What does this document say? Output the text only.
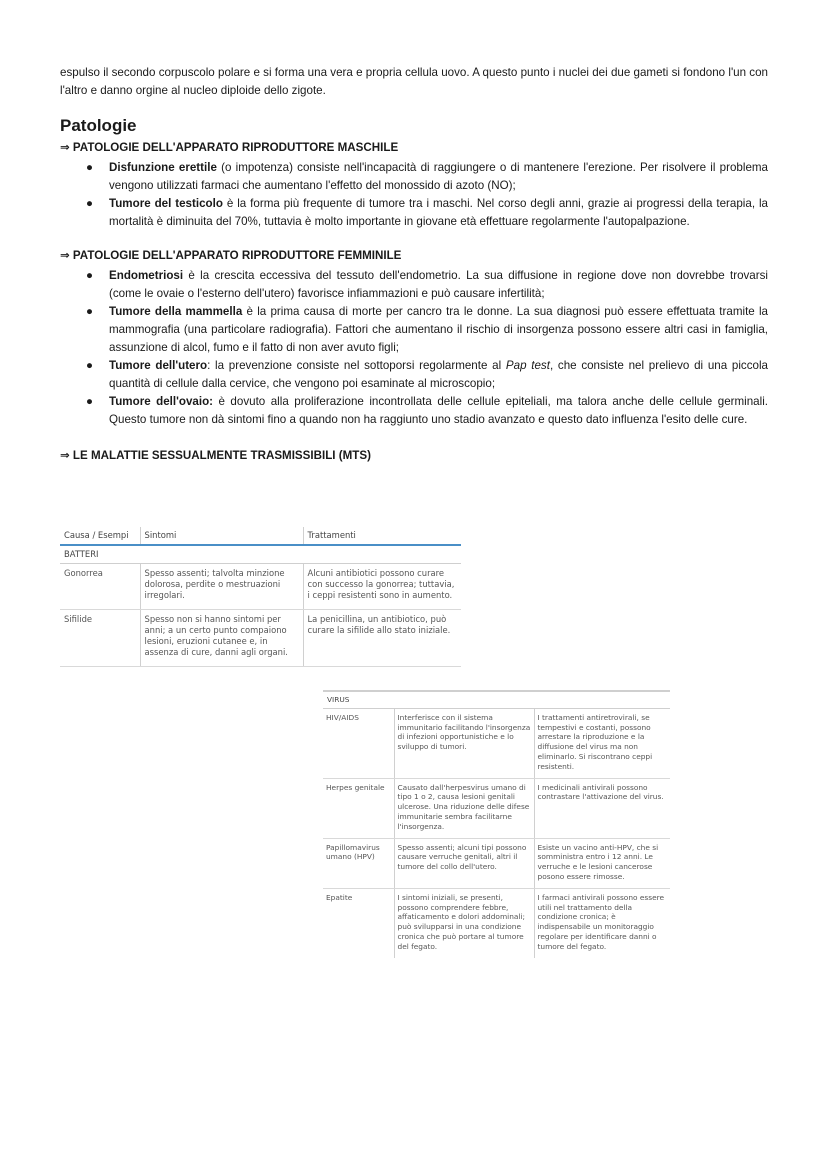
espulso il secondo corpuscolo polare e si forma una vera e propria cellula uovo. A questo punto i nuclei dei due gameti si fondono l'un con l'altro e danno orgine al nucleo diploide dello zigote.

Patologie
⇒ PATOLOGIE DELL'APPARATO RIPRODUTTORE MASCHILE
● Disfunzione erettile (o impotenza) consiste nell'incapacità di raggiungere o di mantenere l'erezione. Per risolvere il problema vengono utilizzati farmaci che aumentano l'effetto del monossido di azoto (NO);
● Tumore del testicolo è la forma più frequente di tumore tra i maschi. Nel corso degli anni, grazie ai progressi della terapia, la mortalità è diminuita del 70%, tuttavia è molto importante in giovane età effettuare regolarmente l'autopalpazione.
⇒ PATOLOGIE DELL'APPARATO RIPRODUTTORE FEMMINILE
● Endometriosi è la crescita eccessiva del tessuto dell'endometrio. La sua diffusione in regione dove non dovrebbe trovarsi (come le ovaie o l'esterno dell'utero) favorisce infiammazioni e può causare infertilità;
● Tumore della mammella è la prima causa di morte per cancro tra le donne. La sua diagnosi può essere effettuata tramite la mammografia (una particolare radiografia). Fattori che aumentano il rischio di insorgenza possono essere altri casi in famiglia, assunzione di alcol, fumo e il fatto di non aver avuto figli;
● Tumore dell'utero: la prevenzione consiste nel sottoporsi regolarmente al Pap test, che consiste nel prelievo di una piccola quantità di cellule dalla cervice, che vengono poi esaminate al microscopio;
● Tumore dell'ovaio: è dovuto alla proliferazione incontrollata delle cellule epiteliali, ma talora anche delle cellule germinali. Questo tumore non dà sintomi fino a quando non ha raggiunto uno stadio avanzato e questo dato influenza l'esito delle cure.
⇒ LE MALATTIE SESSUALMENTE TRASMISSIBILI (MTS)
Causa / Esempi	Sintomi	Trattamenti
BATTERI		
Gonorrea	Spesso assenti; talvolta minzione dolorosa, perdite o mestruazioni irregolari.	Alcuni antibiotici possono curare con successo la gonorrea; tuttavia, i ceppi resistenti sono in aumento.
Sifilide	Spesso non si hanno sintomi per anni; a un certo punto compaiono lesioni, eruzioni cutanee e, in assenza di cure, danni agli organi.	La penicillina, un antibiotico, può curare la sifilide allo stato iniziale.
VIRUS		
HIV/AIDS	Interferisce con il sistema immunitario facilitando l'insorgenza di infezioni opportunistiche e lo sviluppo di tumori.	I trattamenti antiretrovirali, se tempestivi e costanti, possono arrestare la riproduzione e la diffusione del virus ma non eliminarlo. Si riscontrano ceppi resistenti.
Herpes genitale	Causato dall'herpesvirus umano di tipo 1 o 2, causa lesioni genitali ulcerose. Una riduzione delle difese immunitarie sembra facilitarne l'insorgenza.	I medicinali antivirali possono contrastare l'attivazione del virus.
Papillomavirus umano (HPV)	Spesso assenti; alcuni tipi possono causare verruche genitali, altri il tumore del collo dell'utero.	Esiste un vacino anti-HPV, che si somministra entro i 12 anni. Le verruche e le lesioni cancerose posono essere rimosse.
Epatite	I sintomi iniziali, se presenti, possono comprendere febbre, affaticamento e dolori addominali; può svilupparsi in una condizione cronica che può portare al tumore del fegato.	I farmaci antivirali possono essere utili nel trattamento della condizione cronica; è indispensabile un monitoraggio regolare per identificare danni o tumore del fegato.
